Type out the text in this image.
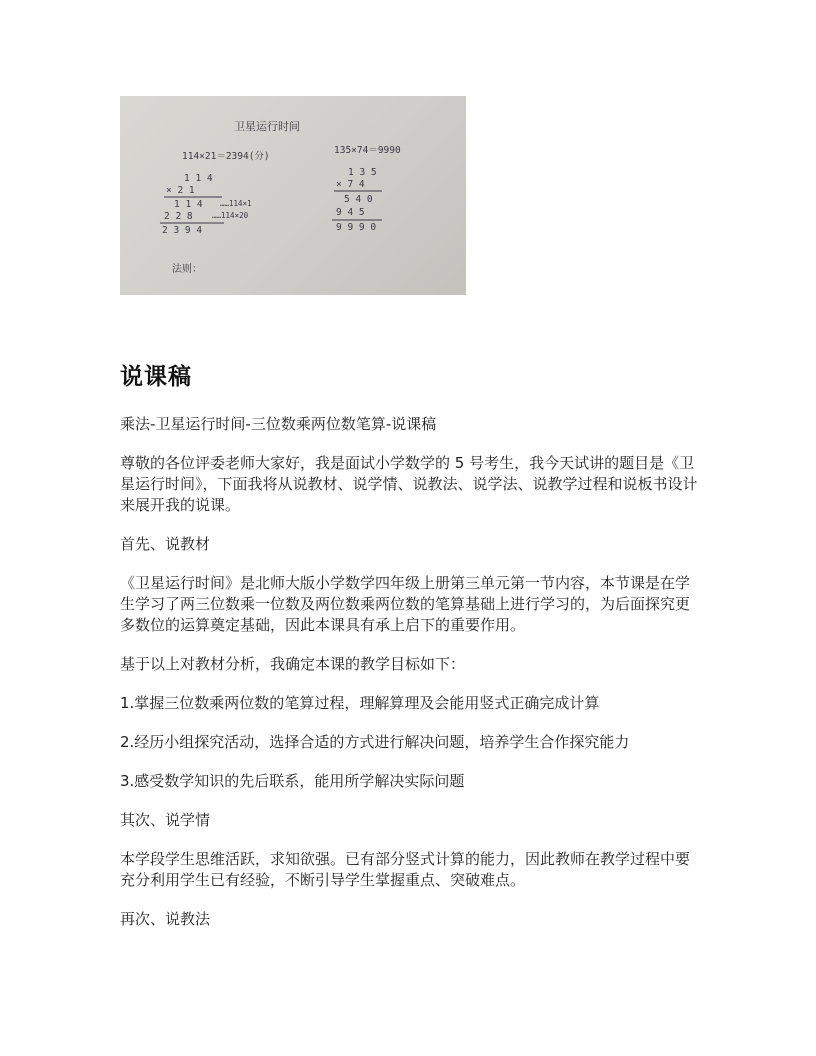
卫星运行时间
114×21＝2394(分)
1 1 4
× 2 1
1 1 4 ……114×1
2 2 8	……114×20
2 3 9 4
135×74＝9990
1 3 5
× 7 4
5 4 0
9 4 5
9 9 9 0
法则：
说课稿

乘法-卫星运行时间-三位数乘两位数笔算-说课稿

尊敬的各位评委老师大家好，我是面试小学数学的 5 号考生，我今天试讲的题目是《卫星运行时间》，下面我将从说教材、说学情、说教法、说学法、说教学过程和说板书设计来展开我的说课。

首先、说教材

《卫星运行时间》是北师大版小学数学四年级上册第三单元第一节内容，本节课是在学生学习了两三位数乘一位数及两位数乘两位数的笔算基础上进行学习的，为后面探究更多数位的运算奠定基础，因此本课具有承上启下的重要作用。

基于以上对教材分析，我确定本课的教学目标如下：

1.掌握三位数乘两位数的笔算过程，理解算理及会能用竖式正确完成计算

2.经历小组探究活动，选择合适的方式进行解决问题，培养学生合作探究能力

3.感受数学知识的先后联系，能用所学解决实际问题

其次、说学情

本学段学生思维活跃，求知欲强。已有部分竖式计算的能力，因此教师在教学过程中要充分利用学生已有经验，不断引导学生掌握重点、突破难点。

再次、说教法
